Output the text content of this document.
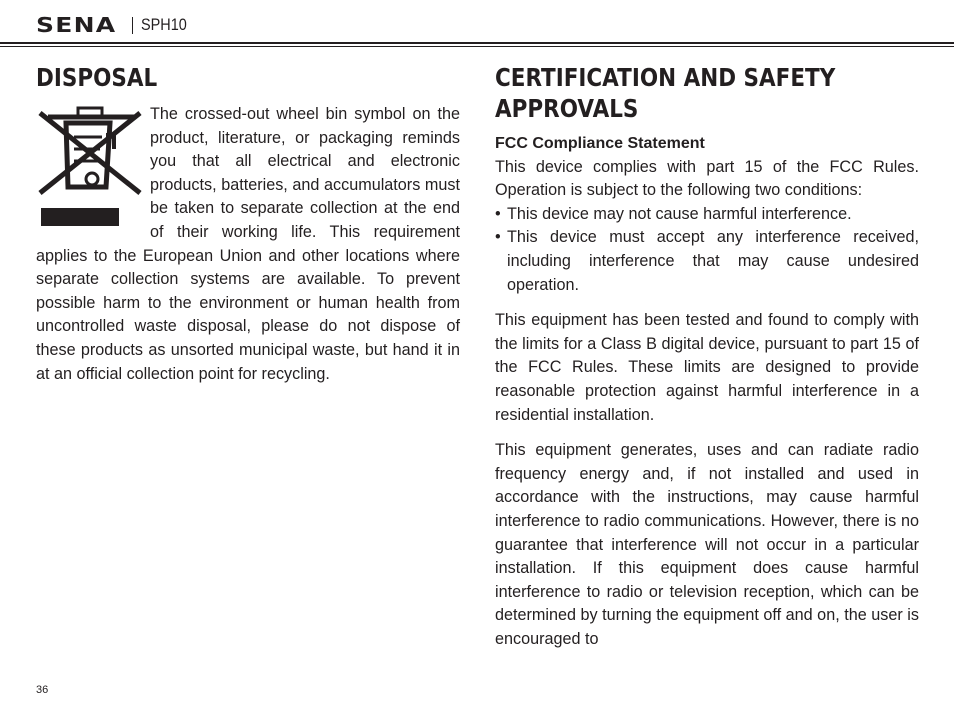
SENA	SPH10
DISPOSAL

The crossed-out wheel bin symbol on the product, literature, or packaging reminds you that all electrical and electronic products, batteries, and accumulators must be taken to separate collection at the end of their working life. This requirement applies to the European Union and other locations where separate collection systems are available. To prevent possible harm to the environment or human health from uncontrolled waste disposal, please do not dispose of these products as unsorted municipal waste, but hand it in at an official collection point for recycling.

CERTIFICATION AND SAFETY
APPROVALS

FCC Compliance Statement

This device complies with part 15 of the FCC Rules. Operation is subject to the following two conditions:

• This device may not cause harmful interference.
• This device must accept any interference received, including interference that may cause undesired operation.

This equipment has been tested and found to comply with the limits for a Class B digital device, pursuant to part 15 of the FCC Rules. These limits are designed to provide reasonable protection against harmful interference in a residential installation.

This equipment generates, uses and can radiate radio frequency energy and, if not installed and used in accordance with the instructions, may cause harmful interference to radio communications. However, there is no guarantee that interference will not occur in a particular installation. If this equipment does cause harmful interference to radio or television reception, which can be determined by turning the equipment off and on, the user is encouraged to

36
